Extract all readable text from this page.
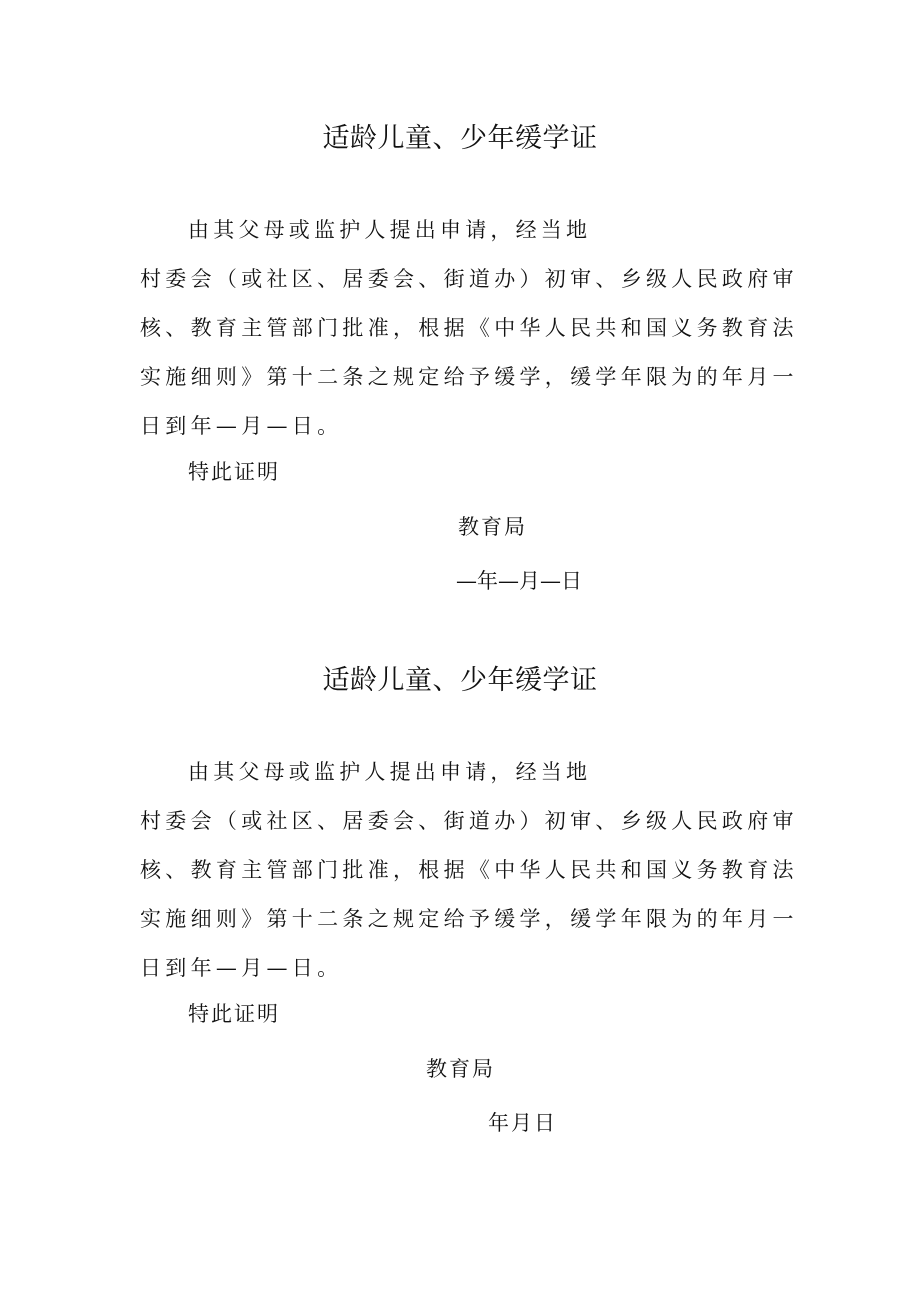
适龄儿童、少年缓学证
由其父母或监护人提出申请，经当地
村委会（或社区、居委会、街道办）初审、乡级人民政府审
核、教育主管部门批准，根据《中华人民共和国义务教育法
实施细则》第十二条之规定给予缓学，缓学年限为的年月一
日到年—月—日。
特此证明
教育局
—年—月—日
适龄儿童、少年缓学证
由其父母或监护人提出申请，经当地
村委会（或社区、居委会、街道办）初审、乡级人民政府审
核、教育主管部门批准，根据《中华人民共和国义务教育法
实施细则》第十二条之规定给予缓学，缓学年限为的年月一
日到年—月—日。
特此证明
教育局
年月日
